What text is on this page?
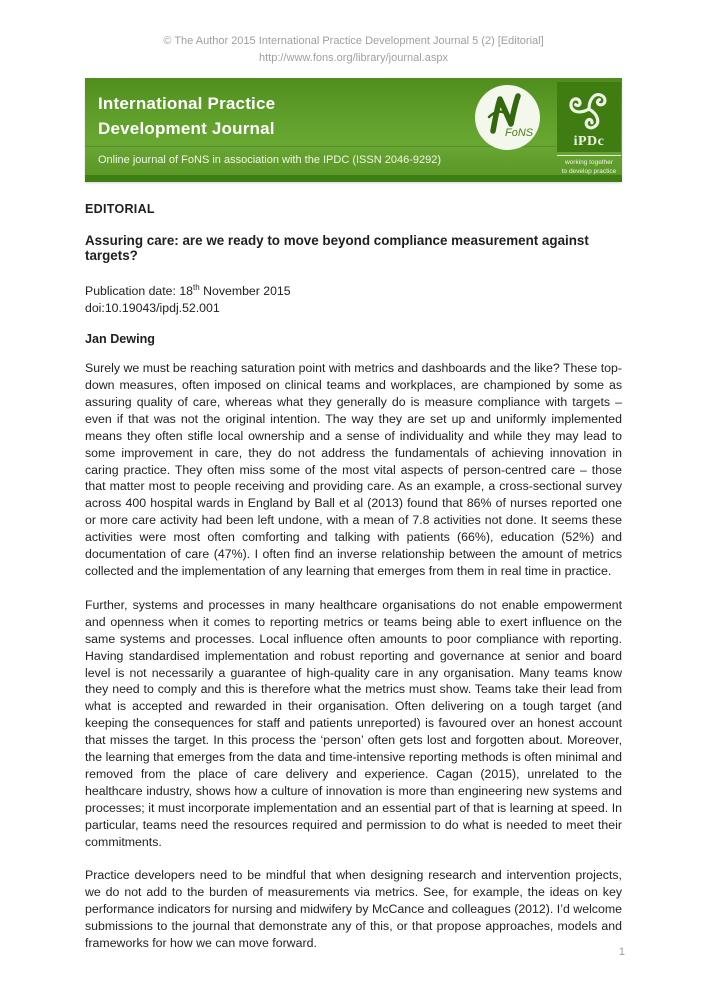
© The Author 2015 International Practice Development Journal 5 (2) [Editorial]
http://www.fons.org/library/journal.aspx
International Practice
Development Journal
Online journal of FoNS in association with the IPDC (ISSN 2046-9292)
FoNS
iPDc
working together
to develop practice
EDITORIAL
Assuring care: are we ready to move beyond compliance measurement against targets?
Publication date: 18th November 2015
doi:10.19043/ipdj.52.001
Jan Dewing

Surely we must be reaching saturation point with metrics and dashboards and the like? These top-down measures, often imposed on clinical teams and workplaces, are championed by some as assuring quality of care, whereas what they generally do is measure compliance with targets – even if that was not the original intention. The way they are set up and uniformly implemented means they often stifle local ownership and a sense of individuality and while they may lead to some improvement in care, they do not address the fundamentals of achieving innovation in caring practice. They often miss some of the most vital aspects of person-centred care – those that matter most to people receiving and providing care. As an example, a cross-sectional survey across 400 hospital wards in England by Ball et al (2013) found that 86% of nurses reported one or more care activity had been left undone, with a mean of 7.8 activities not done. It seems these activities were most often comforting and talking with patients (66%), education (52%) and documentation of care (47%). I often find an inverse relationship between the amount of metrics collected and the implementation of any learning that emerges from them in real time in practice.

Further, systems and processes in many healthcare organisations do not enable empowerment and openness when it comes to reporting metrics or teams being able to exert influence on the same systems and processes. Local influence often amounts to poor compliance with reporting. Having standardised implementation and robust reporting and governance at senior and board level is not necessarily a guarantee of high-quality care in any organisation. Many teams know they need to comply and this is therefore what the metrics must show. Teams take their lead from what is accepted and rewarded in their organisation. Often delivering on a tough target (and keeping the consequences for staff and patients unreported) is favoured over an honest account that misses the target. In this process the ‘person’ often gets lost and forgotten about. Moreover, the learning that emerges from the data and time-intensive reporting methods is often minimal and removed from the place of care delivery and experience. Cagan (2015), unrelated to the healthcare industry, shows how a culture of innovation is more than engineering new systems and processes; it must incorporate implementation and an essential part of that is learning at speed. In particular, teams need the resources required and permission to do what is needed to meet their commitments.

Practice developers need to be mindful that when designing research and intervention projects, we do not add to the burden of measurements via metrics. See, for example, the ideas on key performance indicators for nursing and midwifery by McCance and colleagues (2012). I’d welcome submissions to the journal that demonstrate any of this, or that propose approaches, models and frameworks for how we can move forward.

1
